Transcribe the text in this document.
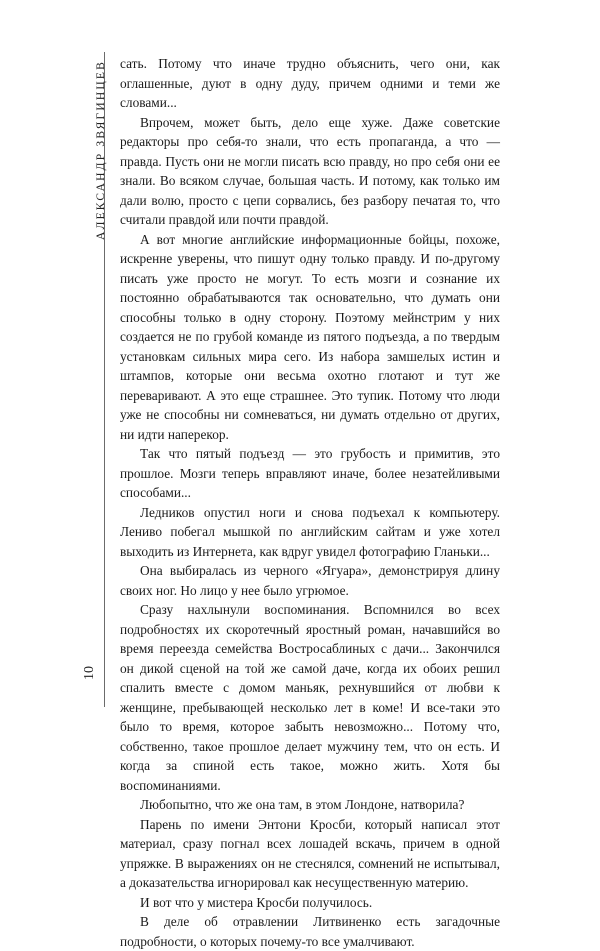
АЛЕКСАНДР ЗВЯГИНЦЕВ
10

сать. Потому что иначе трудно объяснить, чего они, как оглашенные, дуют в одну дуду, причем одними и теми же словами...

Впрочем, может быть, дело еще хуже. Даже советские редакторы про себя-то знали, что есть пропаганда, а что — правда. Пусть они не могли писать всю правду, но про себя они ее знали. Во всяком случае, большая часть. И потому, как только им дали волю, просто с цепи сорвались, без разбору печатая то, что считали правдой или почти правдой.

А вот многие английские информационные бойцы, похоже, искренне уверены, что пишут одну только правду. И по-другому писать уже просто не могут. То есть мозги и сознание их постоянно обрабатываются так основательно, что думать они способны только в одну сторону. Поэтому мейнстрим у них создается не по грубой команде из пятого подъезда, а по твердым установкам сильных мира сего. Из набора замшелых истин и штампов, которые они весьма охотно глотают и тут же переваривают. А это еще страшнее. Это тупик. Потому что люди уже не способны ни сомневаться, ни думать отдельно от других, ни идти наперекор.

Так что пятый подъезд — это грубость и примитив, это прошлое. Мозги теперь вправляют иначе, более незатейливыми способами...

Ледников опустил ноги и снова подъехал к компьютеру. Лениво побегал мышкой по английским сайтам и уже хотел выходить из Интернета, как вдруг увидел фотографию Гланьки...

Она выбиралась из черного «Ягуара», демонстрируя длину своих ног. Но лицо у нее было угрюмое.

Сразу нахлынули воспоминания. Вспомнился во всех подробностях их скоротечный яростный роман, начавшийся во время переезда семейства Востросаблиных с дачи... Закончился он дикой сценой на той же самой даче, когда их обоих решил спалить вместе с домом маньяк, рехнувшийся от любви к женщине, пребывающей несколько лет в коме! И все-таки это было то время, которое забыть невозможно... Потому что, собственно, такое прошлое делает мужчину тем, что он есть. И когда за спиной есть такое, можно жить. Хотя бы воспоминаниями.

Любопытно, что же она там, в этом Лондоне, натворила?

Парень по имени Энтони Кросби, который написал этот материал, сразу погнал всех лошадей вскачь, причем в одной упряжке. В выражениях он не стеснялся, сомнений не испытывал, а доказательства игнорировал как несущественную материю.

И вот что у мистера Кросби получилось.

В деле об отравлении Литвиненко есть загадочные подробности, о которых почему-то все умалчивают.
